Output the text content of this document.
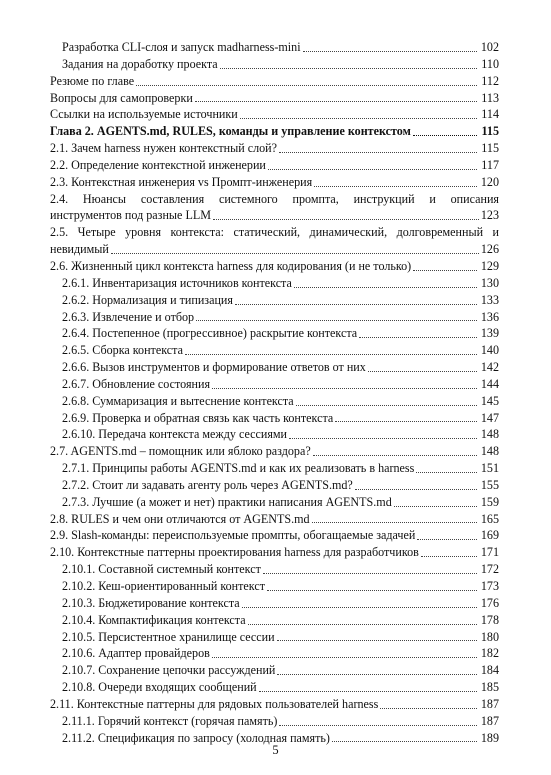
Разработка CLI-слоя и запуск madharness-mini	102
Задания на доработку проекта	110
Резюме по главе	112
Вопросы для самопроверки	113
Ссылки на используемые источники	114
Глава 2. AGENTS.md, RULES, команды и управление контекстом	115
2.1. Зачем harness нужен контекстный слой?	115
2.2. Определение контекстной инженерии	117
2.3. Контекстная инженерия vs Промпт-инженерия	120
2.4. Нюансы составления системного промпта, инструкций и описания
инструментов под разные LLM	123
2.5. Четыре уровня контекста: статический, динамический, долговременный и
невидимый	126
2.6. Жизненный цикл контекста harness для кодирования (и не только)	129
2.6.1. Инвентаризация источников контекста	130
2.6.2. Нормализация и типизация	133
2.6.3. Извлечение и отбор	136
2.6.4. Постепенное (прогрессивное) раскрытие контекста	139
2.6.5. Сборка контекста	140
2.6.6. Вызов инструментов и формирование ответов от них	142
2.6.7. Обновление состояния	144
2.6.8. Суммаризация и вытеснение контекста	145
2.6.9. Проверка и обратная связь как часть контекста	147
2.6.10. Передача контекста между сессиями	148
2.7. AGENTS.md – помощник или яблоко раздора?	148
2.7.1. Принципы работы AGENTS.md и как их реализовать в harness	151
2.7.2. Стоит ли задавать агенту роль через AGENTS.md?	155
2.7.3. Лучшие (а может и нет) практики написания AGENTS.md	159
2.8. RULES и чем они отличаются от AGENTS.md	165
2.9. Slash-команды: переиспользуемые промпты, обогащаемые задачей	169
2.10. Контекстные паттерны проектирования harness для разработчиков	171
2.10.1. Составной системный контекст	172
2.10.2. Кеш-ориентированный контекст	173
2.10.3. Бюджетирование контекста	176
2.10.4. Компактификация контекста	178
2.10.5. Персистентное хранилище сессии	180
2.10.6. Адаптер провайдеров	182
2.10.7. Сохранение цепочки рассуждений	184
2.10.8. Очереди входящих сообщений	185
2.11. Контекстные паттерны для рядовых пользователей harness	187
2.11.1. Горячий контекст (горячая память)	187
2.11.2. Спецификация по запросу (холодная память)	189
5
